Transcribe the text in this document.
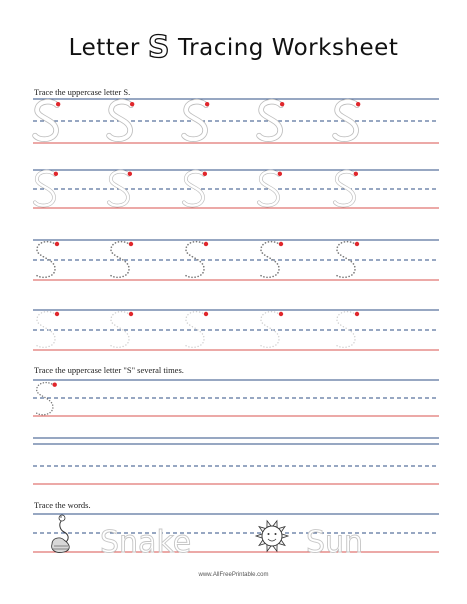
Letter S Tracing Worksheet
Trace the uppercase letter S.
Trace the uppercase letter "S" several times.
Trace the words.
Snake	Sun
www.AllFreePrintable.com
